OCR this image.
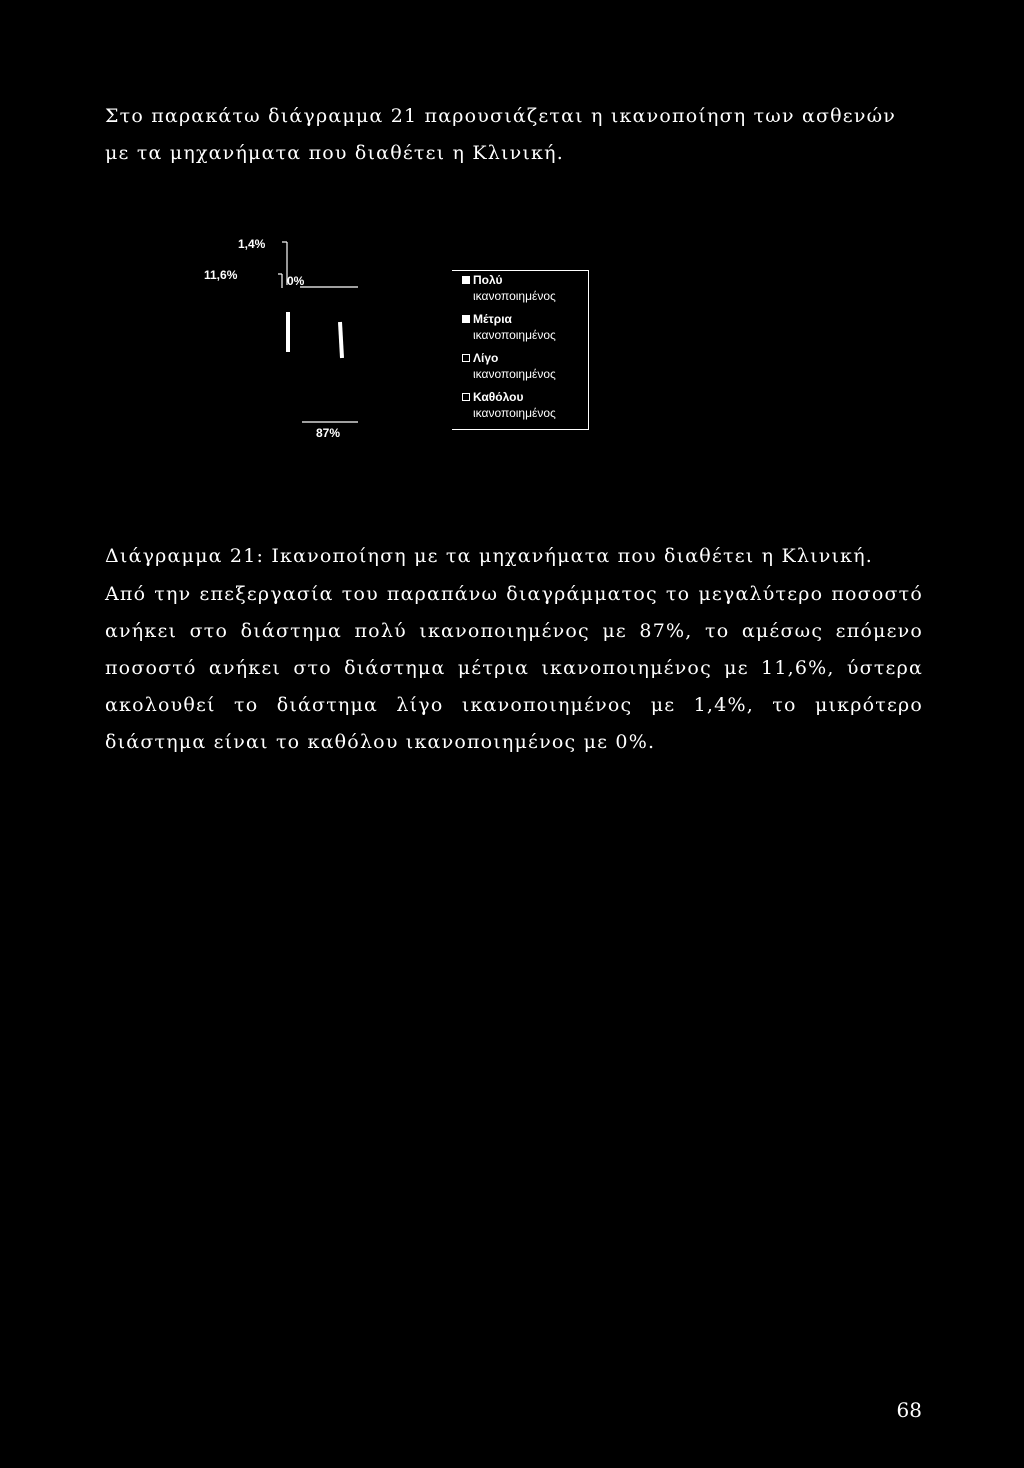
Στο παρακάτω διάγραμμα 21 παρουσιάζεται η ικανοποίηση των ασθενών με τα μηχανήματα που διαθέτει η Κλινική.

1,4%
11,6%	0%
87%
Πολύ
ικανοποιημένος
Μέτρια
ικανοποιημένος
Λίγο
ικανοποιημένος
Καθόλου
ικανοποιημένος

Διάγραμμα 21: Ικανοποίηση με τα μηχανήματα που διαθέτει η Κλινική.

Από την επεξεργασία του παραπάνω διαγράμματος το μεγαλύτερο ποσοστό ανήκει στο διάστημα πολύ ικανοποιημένος με 87%, το αμέσως επόμενο ποσοστό ανήκει στο διάστημα μέτρια ικανοποιημένος με 11,6%, ύστερα ακολουθεί το διάστημα λίγο ικανοποιημένος με 1,4%, το μικρότερο διάστημα είναι το καθόλου ικανοποιημένος με 0%.

68
